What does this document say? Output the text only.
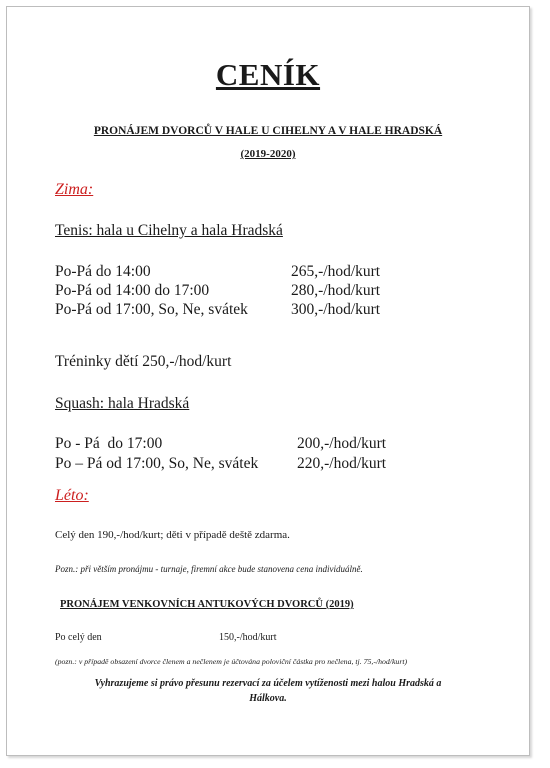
CENÍK
PRONÁJEM DVORCŮ V HALE U CIHELNY A V HALE HRADSKÁ
(2019-2020)
Zima:
Tenis: hala u Cihelny a hala Hradská
Po-Pá do 14:00	265,-/hod/kurt
Po-Pá od 14:00 do 17:00	280,-/hod/kurt
Po-Pá od 17:00, So, Ne, svátek	300,-/hod/kurt
Tréninky dětí 250,-/hod/kurt
Squash: hala Hradská
Po - Pá  do 17:00	200,-/hod/kurt
Po – Pá od 17:00, So, Ne, svátek	220,-/hod/kurt
Léto:
Celý den 190,-/hod/kurt; děti v případě deště zdarma.
Pozn.: při větším pronájmu - turnaje, firemní akce bude stanovena cena individuálně.
PRONÁJEM VENKOVNÍCH ANTUKOVÝCH DVORCŮ (2019)
Po celý den	150,-/hod/kurt
(pozn.: v případě obsazení dvorce členem a nečlenem je účtována poloviční částka pro nečlena, tj. 75,-/hod/kurt)
Vyhrazujeme si právo přesunu rezervací za účelem vytíženosti mezi halou Hradská a
Hálkova.
